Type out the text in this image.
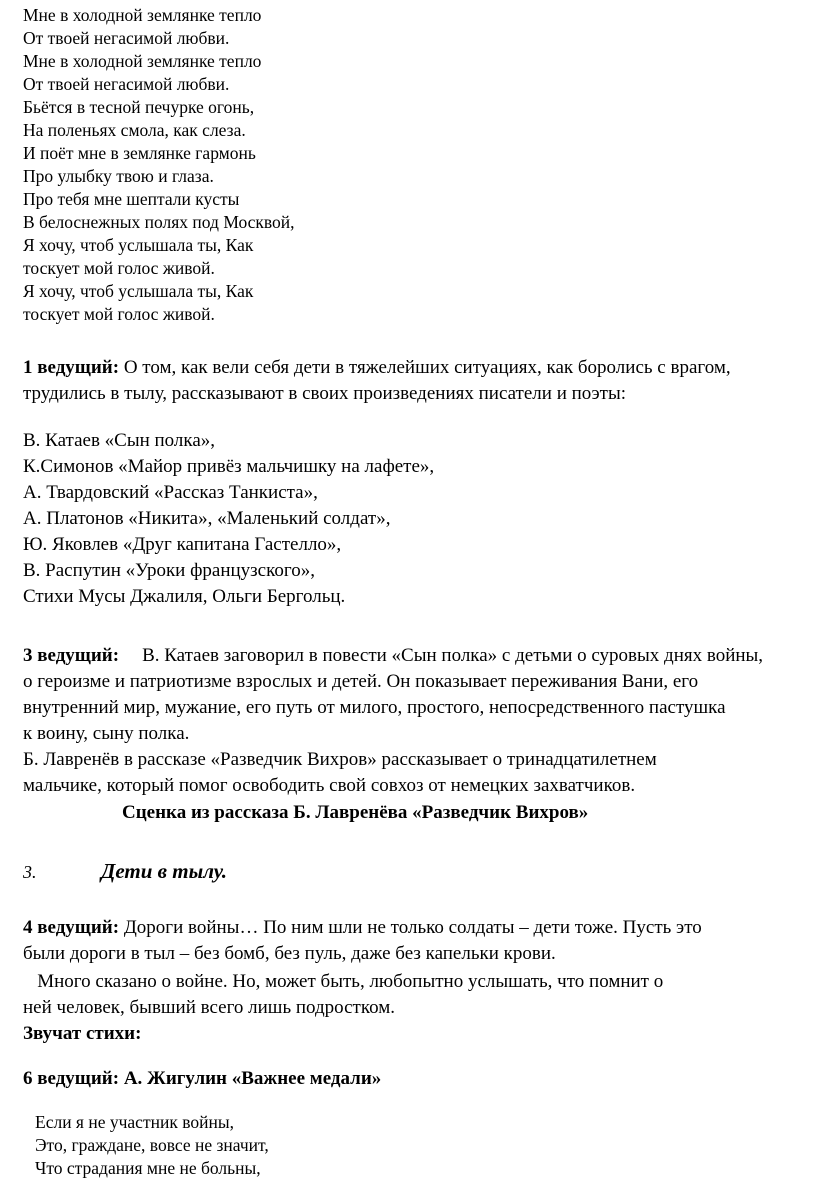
Мне в холодной землянке тепло
От твоей негасимой любви.
Мне в холодной землянке тепло
От твоей негасимой любви.
Бьётся в тесной печурке огонь,
На поленьях смола, как слеза.
И поёт мне в землянке гармонь
Про улыбку твою и глаза.
Про тебя мне шептали кусты
В белоснежных полях под Москвой,
Я хочу, чтоб услышала ты, Как
тоскует мой голос живой.
Я хочу, чтоб услышала ты, Как
тоскует мой голос живой.
1 ведущий: О том, как вели себя дети в тяжелейших ситуациях, как боролись с врагом,
трудились в тылу, рассказывают в своих произведениях писатели и поэты:
В. Катаев «Сын полка»,
К.Симонов «Майор привёз мальчишку на лафете»,
А. Твардовский «Рассказ Танкиста»,
А. Платонов «Никита», «Маленький солдат»,
Ю. Яковлев «Друг капитана Гастелло»,
В. Распутин «Уроки французского»,
Стихи Мусы Джалиля, Ольги Бергольц.
3 ведущий: В. Катаев заговорил в повести «Сын полка» с детьми о суровых днях войны,
о героизме и патриотизме взрослых и детей. Он показывает переживания Вани, его
внутренний мир, мужание, его путь от милого, простого, непосредственного пастушка
к воину, сыну полка.
Б. Лавренёв в рассказе «Разведчик Вихров» рассказывает о тринадцатилетнем
мальчике, который помог освободить свой совхоз от немецких захватчиков.
Сценка из рассказа Б. Лавренёва «Разведчик Вихров»
3.	Дети в тылу.
4 ведущий: Дороги войны… По ним шли не только солдаты – дети тоже. Пусть это
были дороги в тыл – без бомб, без пуль, даже без капельки крови.
Много сказано о войне. Но, может быть, любопытно услышать, что помнит о
ней человек, бывший всего лишь подростком.
Звучат стихи:
6 ведущий: А. Жигулин «Важнее медали»
Если я не участник войны,
Это, граждане, вовсе не значит,
Что страдания мне не больны,
